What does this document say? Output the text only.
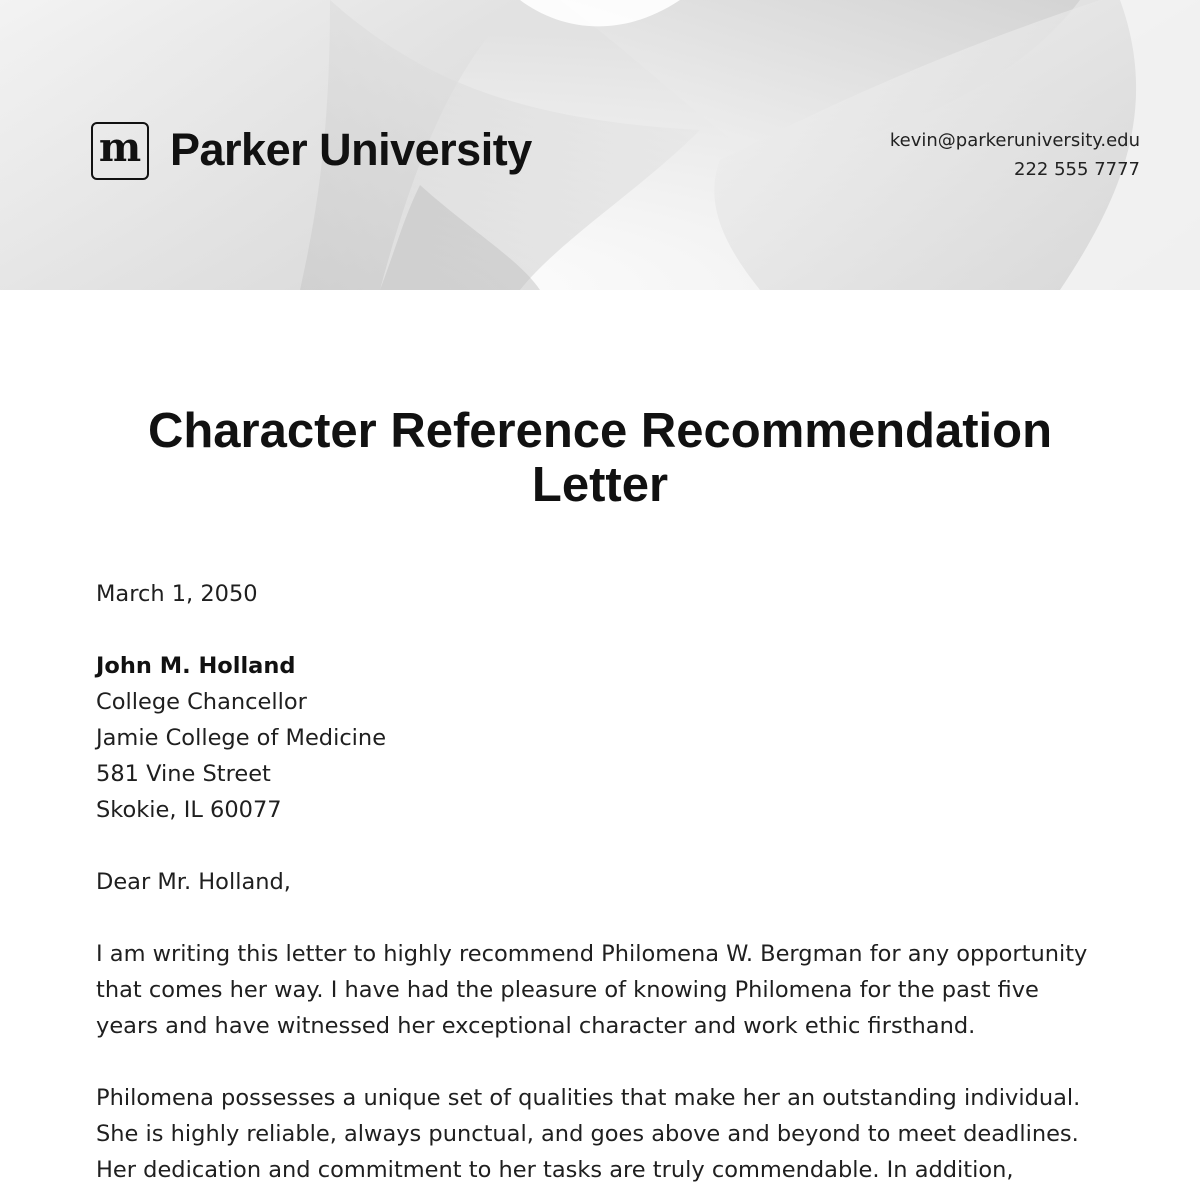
m Parker University	kevin@parkeruniversity.edu
222 555 7777
Character Reference Recommendation Letter

March 1, 2050

John M. Holland
College Chancellor
Jamie College of Medicine
581 Vine Street
Skokie, IL 60077

Dear Mr. Holland,

I am writing this letter to highly recommend Philomena W. Bergman for any opportunity
that comes her way. I have had the pleasure of knowing Philomena for the past five
years and have witnessed her exceptional character and work ethic firsthand.

Philomena possesses a unique set of qualities that make her an outstanding individual.
She is highly reliable, always punctual, and goes above and beyond to meet deadlines.
Her dedication and commitment to her tasks are truly commendable. In addition,
